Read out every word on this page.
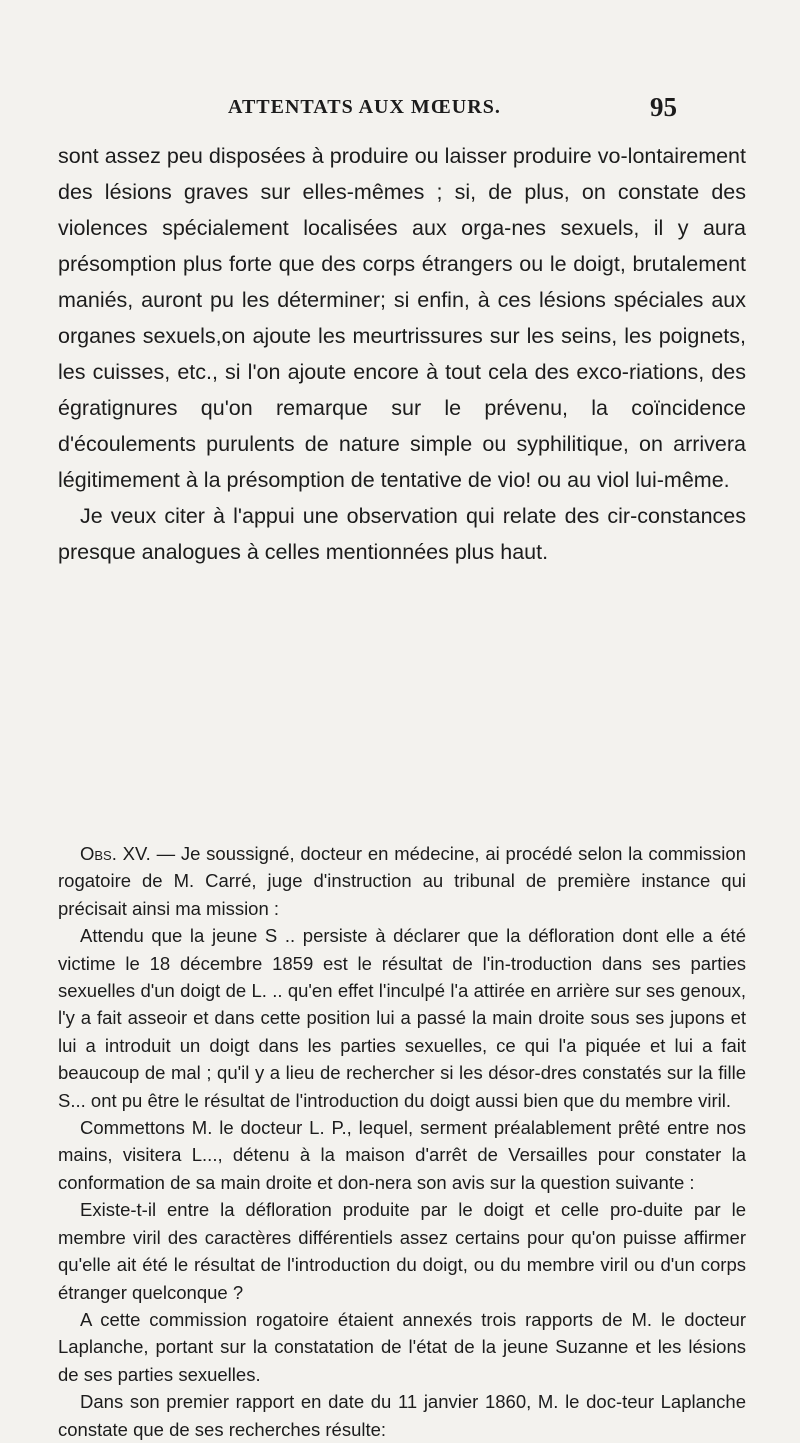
ATTENTATS AUX MŒURS.	95

sont assez peu disposées à produire ou laisser produire vo-lontairement des lésions graves sur elles-mêmes ; si, de plus, on constate des violences spécialement localisées aux orga-nes sexuels, il y aura présomption plus forte que des corps étrangers ou le doigt, brutalement maniés, auront pu les déterminer; si enfin, à ces lésions spéciales aux organes sexuels,on ajoute les meurtrissures sur les seins, les poignets, les cuisses, etc., si l'on ajoute encore à tout cela des exco-riations, des égratignures qu'on remarque sur le prévenu, la coïncidence d'écoulements purulents de nature simple ou syphilitique, on arrivera légitimement à la présomption de tentative de vio! ou au viol lui-même.

Je veux citer à l'appui une observation qui relate des cir-constances presque analogues à celles mentionnées plus haut.

Obs. XV. — Je soussigné, docteur en médecine, ai procédé selon la commission rogatoire de M. Carré, juge d'instruction au tribunal de première instance qui précisait ainsi ma mission :

Attendu que la jeune S .. persiste à déclarer que la défloration dont elle a été victime le 18 décembre 1859 est le résultat de l'in-troduction dans ses parties sexuelles d'un doigt de L. .. qu'en effet l'inculpé l'a attirée en arrière sur ses genoux, l'y a fait asseoir et dans cette position lui a passé la main droite sous ses jupons et lui a introduit un doigt dans les parties sexuelles, ce qui l'a piquée et lui a fait beaucoup de mal ; qu'il y a lieu de rechercher si les désor-dres constatés sur la fille S... ont pu être le résultat de l'introduction du doigt aussi bien que du membre viril.

Commettons M. le docteur L. P., lequel, serment préalablement prêté entre nos mains, visitera L..., détenu à la maison d'arrêt de Versailles pour constater la conformation de sa main droite et don-nera son avis sur la question suivante :

Existe-t-il entre la défloration produite par le doigt et celle pro-duite par le membre viril des caractères différentiels assez certains pour qu'on puisse affirmer qu'elle ait été le résultat de l'introduction du doigt, ou du membre viril ou d'un corps étranger quelconque ?

A cette commission rogatoire étaient annexés trois rapports de M. le docteur Laplanche, portant sur la constatation de l'état de la jeune Suzanne et les lésions de ses parties sexuelles.

Dans son premier rapport en date du 11 janvier 1860, M. le doc-teur Laplanche constate que de ses recherches résulte:
